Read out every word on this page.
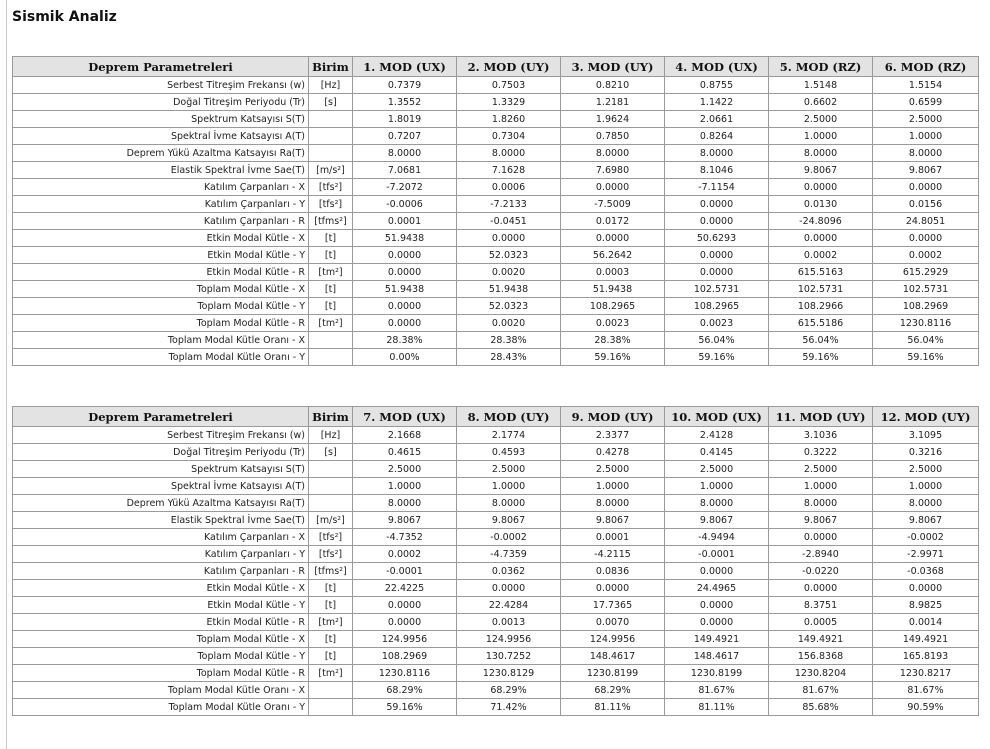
Sismik Analiz
Deprem Parametreleri	Birim	1. MOD (UX)	2. MOD (UY)	3. MOD (UY)	4. MOD (UX)	5. MOD (RZ)	6. MOD (RZ)
Serbest Titreşim Frekansı (w)	[Hz]	0.7379	0.7503	0.8210	0.8755	1.5148	1.5154
Doğal Titreşim Periyodu (Tr)	[s]	1.3552	1.3329	1.2181	1.1422	0.6602	0.6599
Spektrum Katsayısı S(T)		1.8019	1.8260	1.9624	2.0661	2.5000	2.5000
Spektral İvme Katsayısı A(T)		0.7207	0.7304	0.7850	0.8264	1.0000	1.0000
Deprem Yükü Azaltma Katsayısı Ra(T)		8.0000	8.0000	8.0000	8.0000	8.0000	8.0000
Elastik Spektral İvme Sae(T)	[m/s²]	7.0681	7.1628	7.6980	8.1046	9.8067	9.8067
Katılım Çarpanları - X	[tfs²]	-7.2072	0.0006	0.0000	-7.1154	0.0000	0.0000
Katılım Çarpanları - Y	[tfs²]	-0.0006	-7.2133	-7.5009	0.0000	0.0130	0.0156
Katılım Çarpanları - R	[tfms²]	0.0001	-0.0451	0.0172	0.0000	-24.8096	24.8051
Etkin Modal Kütle - X	[t]	51.9438	0.0000	0.0000	50.6293	0.0000	0.0000
Etkin Modal Kütle - Y	[t]	0.0000	52.0323	56.2642	0.0000	0.0002	0.0002
Etkin Modal Kütle - R	[tm²]	0.0000	0.0020	0.0003	0.0000	615.5163	615.2929
Toplam Modal Kütle - X	[t]	51.9438	51.9438	51.9438	102.5731	102.5731	102.5731
Toplam Modal Kütle - Y	[t]	0.0000	52.0323	108.2965	108.2965	108.2966	108.2969
Toplam Modal Kütle - R	[tm²]	0.0000	0.0020	0.0023	0.0023	615.5186	1230.8116
Toplam Modal Kütle Oranı - X		28.38%	28.38%	28.38%	56.04%	56.04%	56.04%
Toplam Modal Kütle Oranı - Y		0.00%	28.43%	59.16%	59.16%	59.16%	59.16%
Deprem Parametreleri	Birim	7. MOD (UX)	8. MOD (UY)	9. MOD (UY)	10. MOD (UX)	11. MOD (UY)	12. MOD (UY)
Serbest Titreşim Frekansı (w)	[Hz]	2.1668	2.1774	2.3377	2.4128	3.1036	3.1095
Doğal Titreşim Periyodu (Tr)	[s]	0.4615	0.4593	0.4278	0.4145	0.3222	0.3216
Spektrum Katsayısı S(T)		2.5000	2.5000	2.5000	2.5000	2.5000	2.5000
Spektral İvme Katsayısı A(T)		1.0000	1.0000	1.0000	1.0000	1.0000	1.0000
Deprem Yükü Azaltma Katsayısı Ra(T)		8.0000	8.0000	8.0000	8.0000	8.0000	8.0000
Elastik Spektral İvme Sae(T)	[m/s²]	9.8067	9.8067	9.8067	9.8067	9.8067	9.8067
Katılım Çarpanları - X	[tfs²]	-4.7352	-0.0002	0.0001	-4.9494	0.0000	-0.0002
Katılım Çarpanları - Y	[tfs²]	0.0002	-4.7359	-4.2115	-0.0001	-2.8940	-2.9971
Katılım Çarpanları - R	[tfms²]	-0.0001	0.0362	0.0836	0.0000	-0.0220	-0.0368
Etkin Modal Kütle - X	[t]	22.4225	0.0000	0.0000	24.4965	0.0000	0.0000
Etkin Modal Kütle - Y	[t]	0.0000	22.4284	17.7365	0.0000	8.3751	8.9825
Etkin Modal Kütle - R	[tm²]	0.0000	0.0013	0.0070	0.0000	0.0005	0.0014
Toplam Modal Kütle - X	[t]	124.9956	124.9956	124.9956	149.4921	149.4921	149.4921
Toplam Modal Kütle - Y	[t]	108.2969	130.7252	148.4617	148.4617	156.8368	165.8193
Toplam Modal Kütle - R	[tm²]	1230.8116	1230.8129	1230.8199	1230.8199	1230.8204	1230.8217
Toplam Modal Kütle Oranı - X		68.29%	68.29%	68.29%	81.67%	81.67%	81.67%
Toplam Modal Kütle Oranı - Y		59.16%	71.42%	81.11%	81.11%	85.68%	90.59%
